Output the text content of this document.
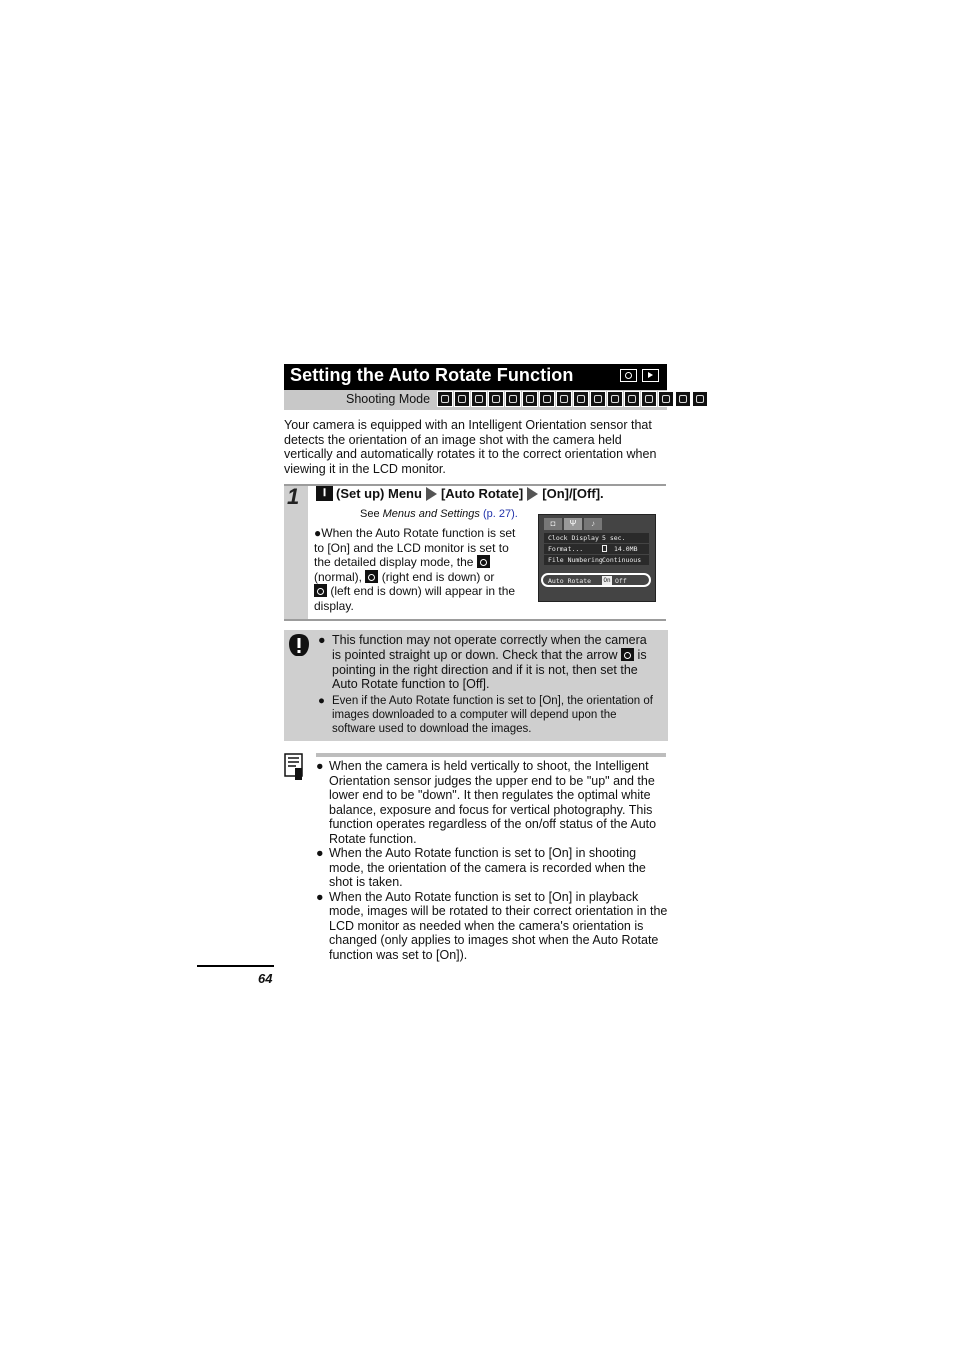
Setting the Auto Rotate Function
Shooting Mode
Your camera is equipped with an Intelligent Orientation sensor that detects the orientation of an image shot with the camera held vertically and automatically rotates it to the correct orientation when viewing it in the LCD monitor.
1	𝚰 (Set up) Menu [Auto Rotate] [On]/[Off].
See Menus and Settings (p. 27).
●When the Auto Rotate function is set to [On] and the LCD monitor is set to the detailed display mode, the
(normal), (right end is down) or
(left end is down) will appear in the display.
◘	Ψ	♪
Clock Display 5 sec.
Format...	14.0MB
File Numbering Continuous
Auto Rotate On Off
● This function may not operate correctly when the camera is pointed straight up or down. Check that the arrow is pointing in the right direction and if it is not, then set the Auto Rotate function to [Off].
● Even if the Auto Rotate function is set to [On], the orientation of images downloaded to a computer will depend upon the software used to download the images.
● When the camera is held vertically to shoot, the Intelligent Orientation sensor judges the upper end to be "up" and the lower end to be "down". It then regulates the optimal white balance, exposure and focus for vertical photography. This function operates regardless of the on/off status of the Auto Rotate function.
● When the Auto Rotate function is set to [On] in shooting mode, the orientation of the camera is recorded when the shot is taken.
● When the Auto Rotate function is set to [On] in playback mode, images will be rotated to their correct orientation in the LCD monitor as needed when the camera's orientation is changed (only applies to images shot when the Auto Rotate function was set to [On]).
64
